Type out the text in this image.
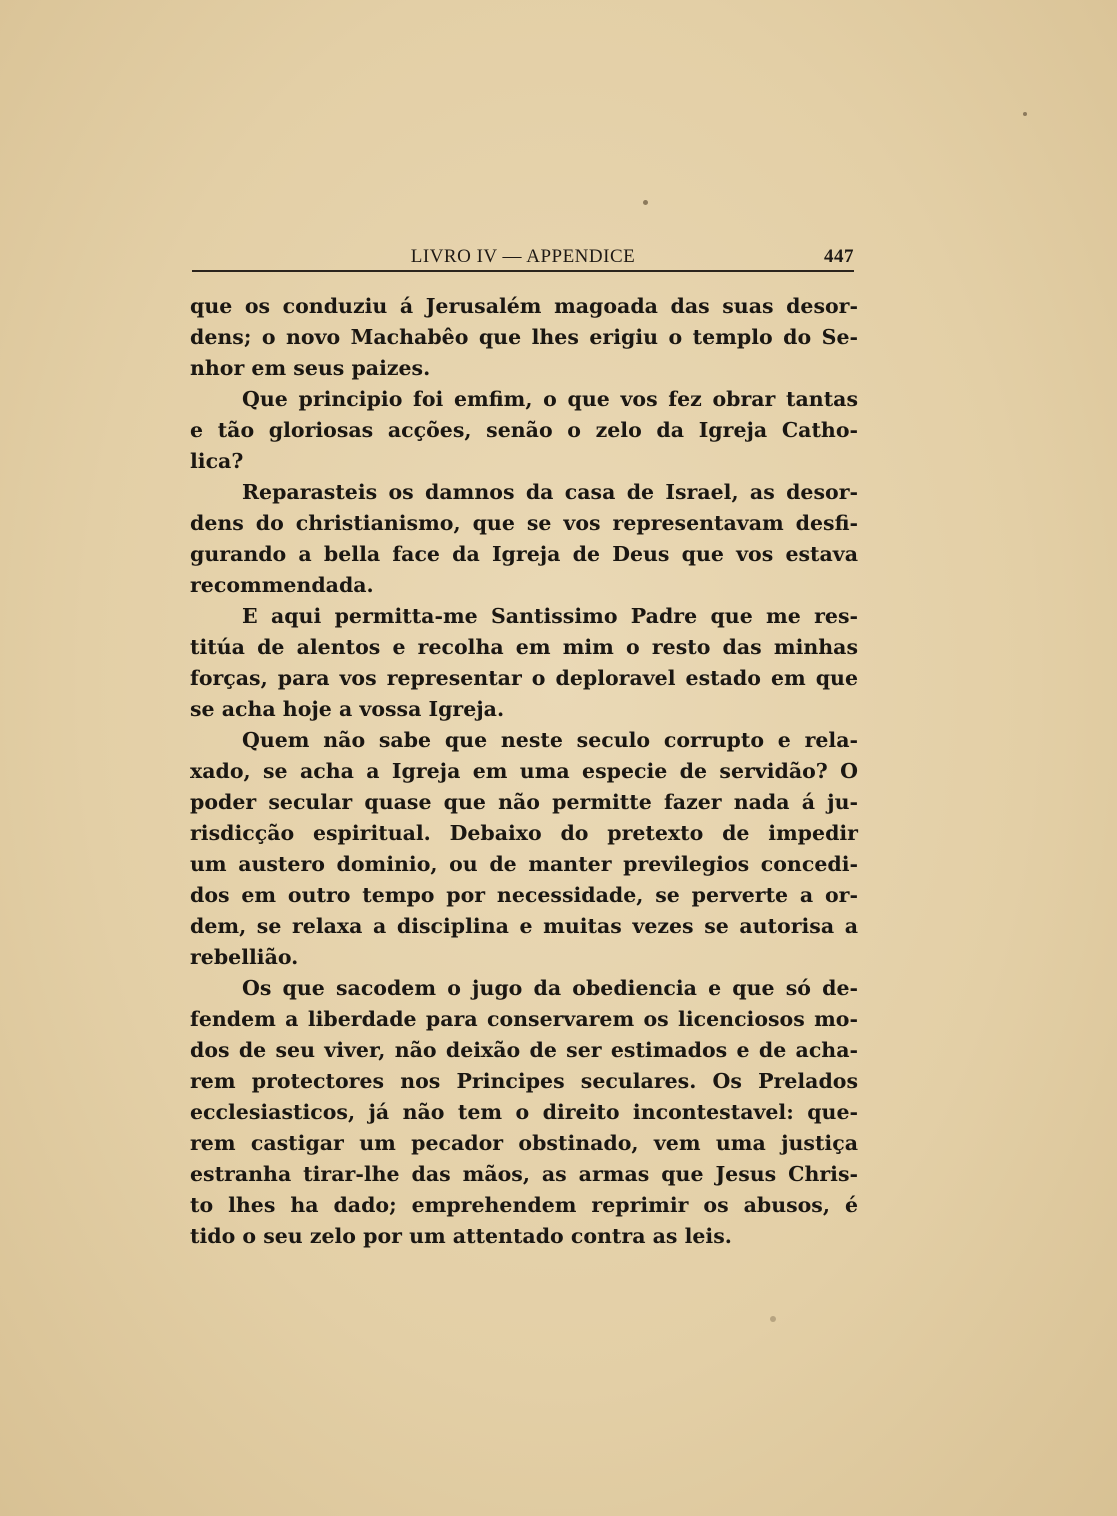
LIVRO IV — APPENDICE	447
que os conduziu á Jerusalém magoada das suas desor-
dens; o novo Machabêo que lhes erigiu o templo do Se-
nhor em seus paizes.
Que principio foi emfim, o que vos fez obrar tantas
e tão gloriosas acções, senão o zelo da Igreja Catho-
lica?
Reparasteis os damnos da casa de Israel, as desor-
dens do christianismo, que se vos representavam desfi-
gurando a bella face da Igreja de Deus que vos estava
recommendada.
E aqui permitta-me Santissimo Padre que me res-
titúa de alentos e recolha em mim o resto das minhas
forças, para vos representar o deploravel estado em que
se acha hoje a vossa Igreja.
Quem não sabe que neste seculo corrupto e rela-
xado, se acha a Igreja em uma especie de servidão? O
poder secular quase que não permitte fazer nada á ju-
risdicção espiritual. Debaixo do pretexto de impedir
um austero dominio, ou de manter previlegios concedi-
dos em outro tempo por necessidade, se perverte a or-
dem, se relaxa a disciplina e muitas vezes se autorisa a
rebellião.
Os que sacodem o jugo da obediencia e que só de-
fendem a liberdade para conservarem os licenciosos mo-
dos de seu viver, não deixão de ser estimados e de acha-
rem protectores nos Principes seculares. Os Prelados
ecclesiasticos, já não tem o direito incontestavel: que-
rem castigar um pecador obstinado, vem uma justiça
estranha tirar-lhe das mãos, as armas que Jesus Chris-
to lhes ha dado; emprehendem reprimir os abusos, é
tido o seu zelo por um attentado contra as leis.
